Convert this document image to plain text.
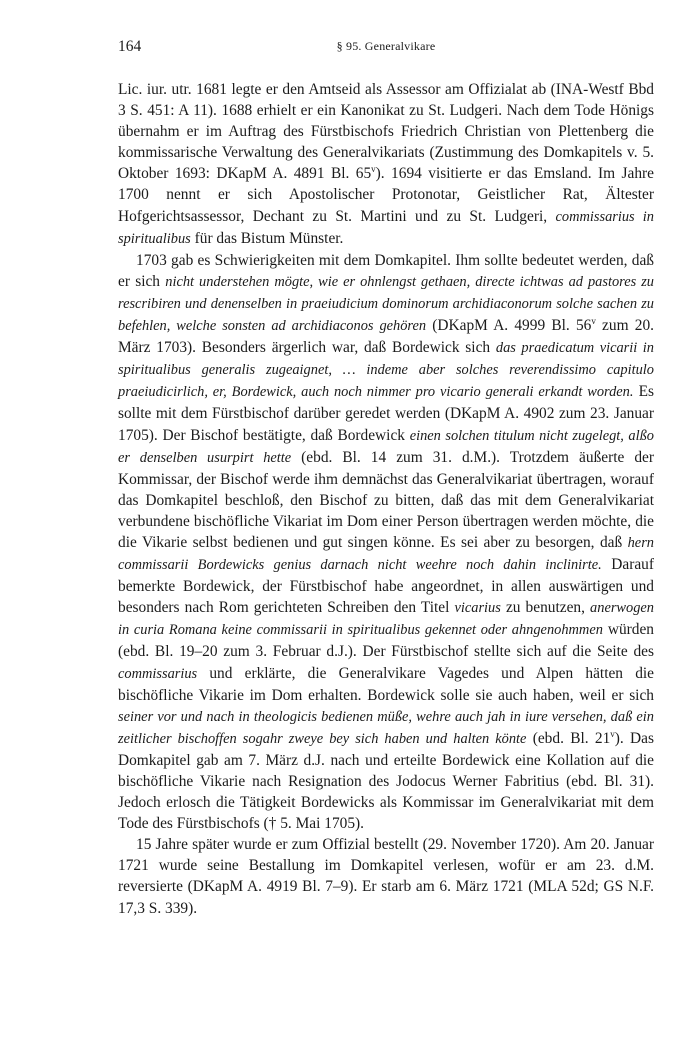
164	§ 95. Generalvikare

Lic. iur. utr. 1681 legte er den Amtseid als Assessor am Offizialat ab (INA-Westf Bbd 3 S. 451: A 11). 1688 erhielt er ein Kanonikat zu St. Ludgeri. Nach dem Tode Hönigs übernahm er im Auftrag des Fürstbischofs Friedrich Christian von Plettenberg die kommissarische Verwaltung des Generalvikariats (Zustimmung des Domkapitels v. 5. Oktober 1693: DKapM A. 4891 Bl. 65$^v$). 1694 visitierte er das Emsland. Im Jahre 1700 nennt er sich Apostolischer Protonotar, Geistlicher Rat, Ältester Hofgerichtsassessor, Dechant zu St. Martini und zu St. Ludgeri, commissarius in spiritualibus für das Bistum Münster.

1703 gab es Schwierigkeiten mit dem Domkapitel. Ihm sollte bedeutet werden, daß er sich nicht understehen mögte, wie er ohnlengst gethaen, directe ichtwas ad pastores zu rescribiren und denenselben in praeiudicium dominorum archidiaconorum solche sachen zu befehlen, welche sonsten ad archidiaconos gehören (DKapM A. 4999 Bl. 56$^v$ zum 20. März 1703). Besonders ärgerlich war, daß Bordewick sich das praedicatum vicarii in spiritualibus generalis zugeaignet, … indeme aber solches reverendissimo capitulo praeiudicirlich, er, Bordewick, auch noch nimmer pro vicario generali erkandt worden. Es sollte mit dem Fürstbischof darüber geredet werden (DKapM A. 4902 zum 23. Januar 1705). Der Bischof bestätigte, daß Bordewick einen solchen titulum nicht zugelegt, alßo er denselben usurpirt hette (ebd. Bl. 14 zum 31. d.M.). Trotzdem äußerte der Kommissar, der Bischof werde ihm demnächst das Generalvikariat übertragen, worauf das Domkapitel beschloß, den Bischof zu bitten, daß das mit dem Generalvikariat verbundene bischöfliche Vikariat im Dom einer Person übertragen werden möchte, die die Vikarie selbst bedienen und gut singen könne. Es sei aber zu besorgen, daß hern commissarii Bordewicks genius darnach nicht weehre noch dahin inclinirte. Darauf bemerkte Bordewick, der Fürstbischof habe angeordnet, in allen auswärtigen und besonders nach Rom gerichteten Schreiben den Titel vicarius zu benutzen, anerwogen in curia Romana keine commissarii in spiritualibus gekennet oder ahngenohmmen würden (ebd. Bl. 19–20 zum 3. Februar d.J.). Der Fürstbischof stellte sich auf die Seite des commissarius und erklärte, die Generalvikare Vagedes und Alpen hätten die bischöfliche Vikarie im Dom erhalten. Bordewick solle sie auch haben, weil er sich seiner vor und nach in theologicis bedienen müße, wehre auch jah in iure versehen, daß ein zeitlicher bischoffen sogahr zweye bey sich haben und halten könte (ebd. Bl. 21$^v$). Das Domkapitel gab am 7. März d.J. nach und erteilte Bordewick eine Kollation auf die bischöfliche Vikarie nach Resignation des Jodocus Werner Fabritius (ebd. Bl. 31). Jedoch erlosch die Tätigkeit Bordewicks als Kommissar im Generalvikariat mit dem Tode des Fürstbischofs († 5. Mai 1705).

15 Jahre später wurde er zum Offizial bestellt (29. November 1720). Am 20. Januar 1721 wurde seine Bestallung im Domkapitel verlesen, wofür er am 23. d.M. reversierte (DKapM A. 4919 Bl. 7–9). Er starb am 6. März 1721 (MLA 52d; GS N.F. 17,3 S. 339).
